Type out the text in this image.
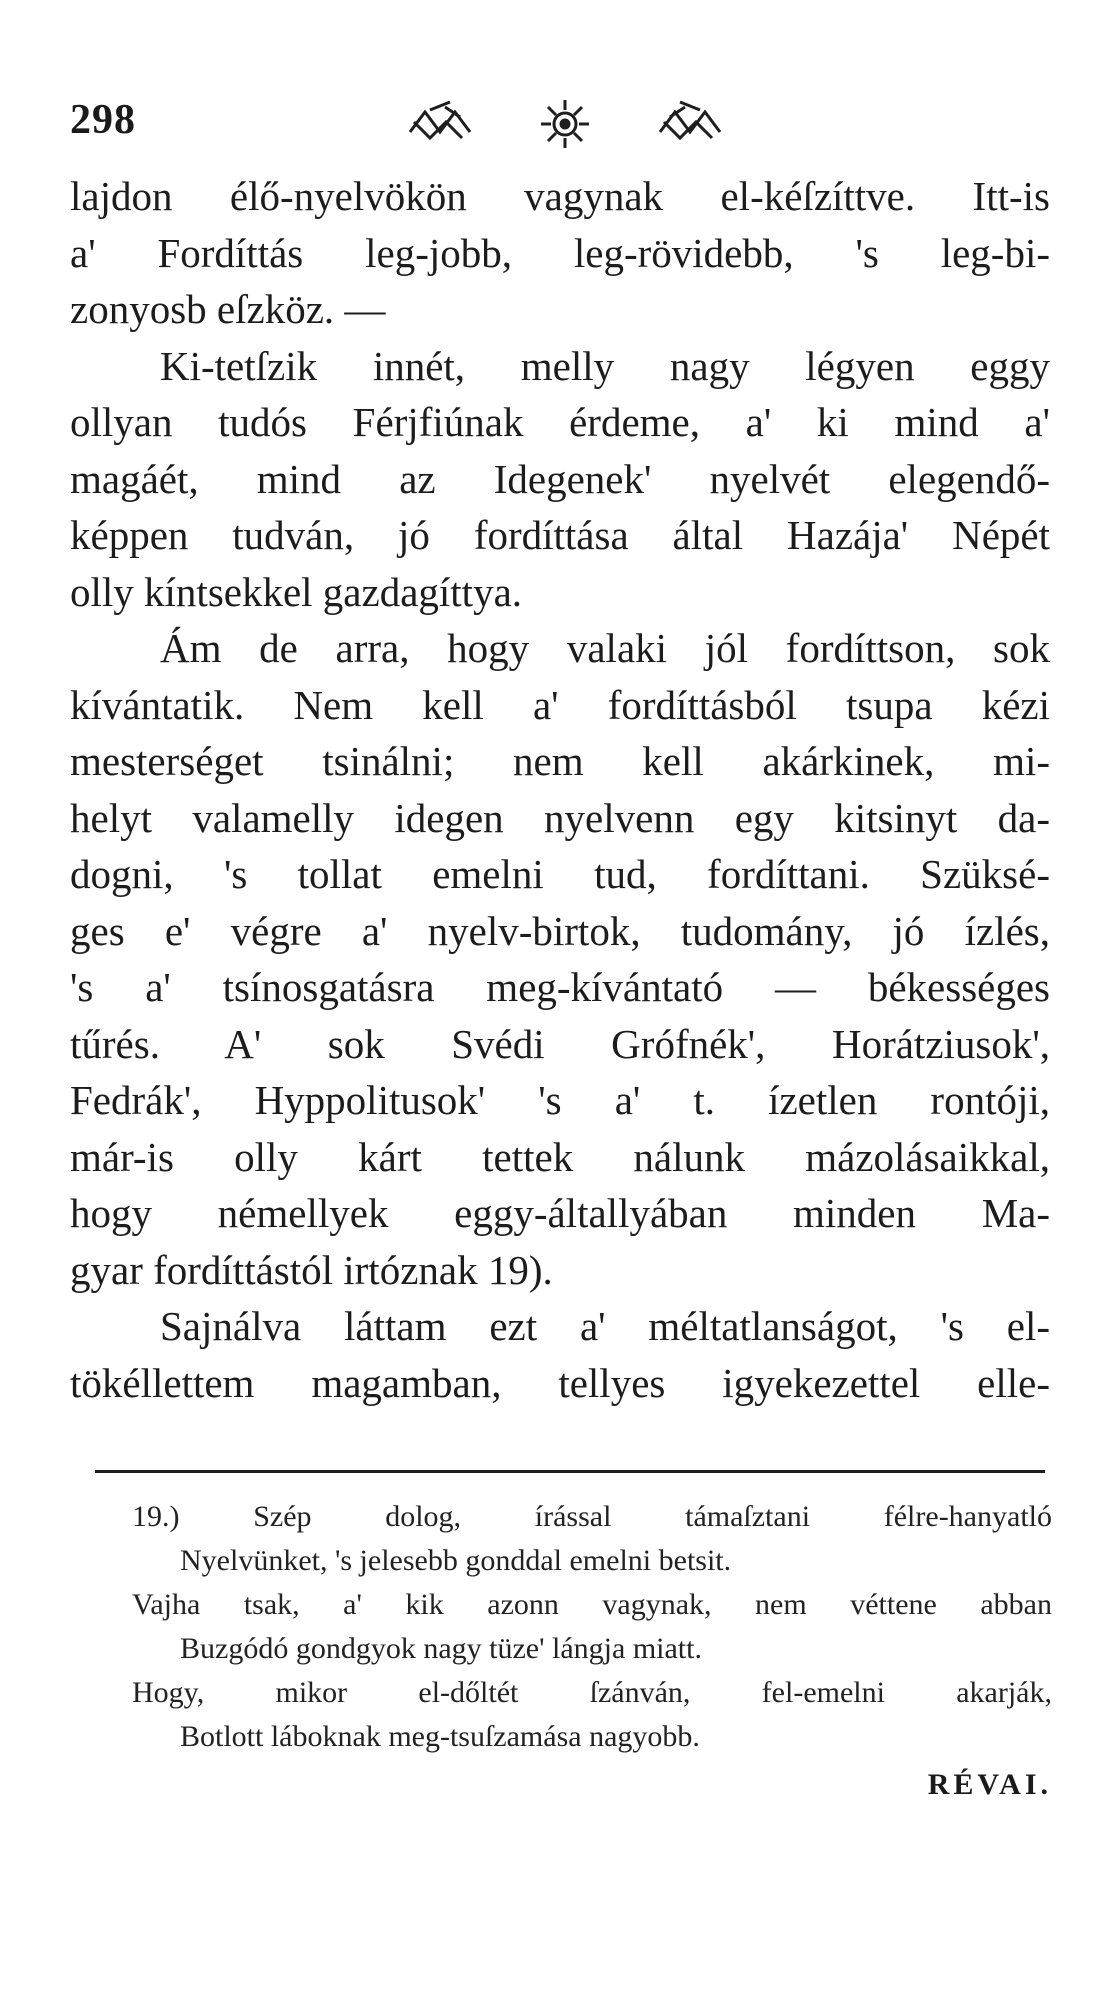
298
lajdon élő-nyelvökön vagynak el-kéſzíttve. Itt-is
a' Fordíttás leg-jobb, leg-rövidebb, 's leg-bi-
zonyosb eſzköz. —
Ki-tetſzik innét, melly nagy légyen eggy
ollyan tudós Férjfiúnak érdeme, a' ki mind a'
magáét, mind az Idegenek' nyelvét elegendő-
képpen tudván, jó fordíttása által Hazája' Népét
olly kíntsekkel gazdagíttya.
Ám de arra, hogy valaki jól fordíttson, sok
kívántatik. Nem kell a' fordíttásból tsupa kézi
mesterséget tsinálni; nem kell akárkinek, mi-
helyt valamelly idegen nyelvenn egy kitsinyt da-
dogni, 's tollat emelni tud, fordíttani. Szüksé-
ges e' végre a' nyelv-birtok, tudomány, jó ízlés,
's a' tsínosgatásra meg-kívántató — békességes
tűrés. A' sok Svédi Grófnék', Horátziusok',
Fedrák', Hyppolitusok' 's a' t. ízetlen rontóji,
már-is olly kárt tettek nálunk mázolásaikkal,
hogy némellyek eggy-általlyában minden Ma-
gyar fordíttástól irtóznak 19).
Sajnálva láttam ezt a' méltatlanságot, 's el-
tökéllettem magamban, tellyes igyekezettel elle-
19.) Szép dolog, írással támaſztani félre-hanyatló
Nyelvünket, 's jelesebb gonddal emelni betsit.
Vajha tsak, a' kik azonn vagynak, nem véttene abban
Buzgódó gondgyok nagy tüze' lángja miatt.
Hogy, mikor el-dőltét ſzánván, fel-emelni akarják,
Botlott láboknak meg-tsuſzamása nagyobb.
RÉVAI.
